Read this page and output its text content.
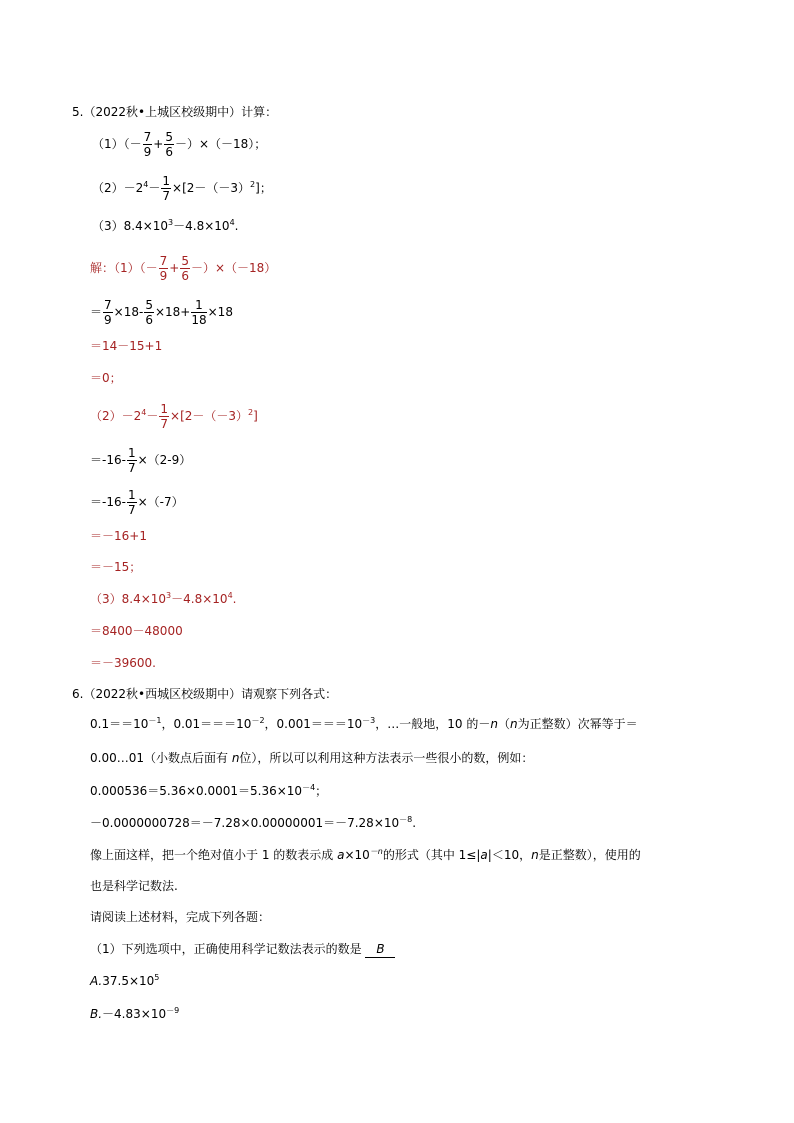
5.（2022秋•上城区校级期中）计算：
$(1)(- \frac{7}{9} + \frac{5}{6} -)\times(-18)$；
$(2)-2^4- \frac{1}{7} \times[2-(-3)^2]$；
$(3)8.4\times 10^3-4.8\times 10^4$.
解：$(1)(- \frac{7}{9} + \frac{5}{6} -)\times(-18)$
＝ $\frac{7}{9} \times 18- \frac{5}{6} \times 18+ \frac{1}{18} \times 18$
＝14－15+1
＝0；
$(2)-2^4- \frac{1}{7} \times[2-(-3)^2]$
$=-16- \frac{1}{7} \times(2-9)$
$=-16- \frac{1}{7} \times(-7)$
＝－16+1
＝－15；
$(3)8.4\times 10^3-4.8\times 10^4$.
＝8400－48000
＝－39600.
6.（2022秋•西城区校级期中）请观察下列各式：
$0.1==10^{-1}$，$0.01===10^{-2}$，$0.001===10^{-3}$，…一般地，10 的－n（n为正整数）次幂等于＝
0.00…01（小数点后面有 n位），所以可以利用这种方法表示一些很小的数，例如：
$0.000536=5.36\times 0.0001=5.36\times 10^{-4}$；
$-0.0000000728=-7.28\times 0.00000001=-7.28\times 10^{-8}$.
像上面这样，把一个绝对值小于 1 的数表示成 $a\times 10^{-n}$的形式（其中 1≤|a|＜10，n是正整数），使用的
也是科学记数法.
请阅读上述材料，完成下列各题：
（1）下列选项中，正确使用科学记数法表示的数是 B
$A.37.5\times 10^5$
$B.-4.83\times 10^{-9}$
